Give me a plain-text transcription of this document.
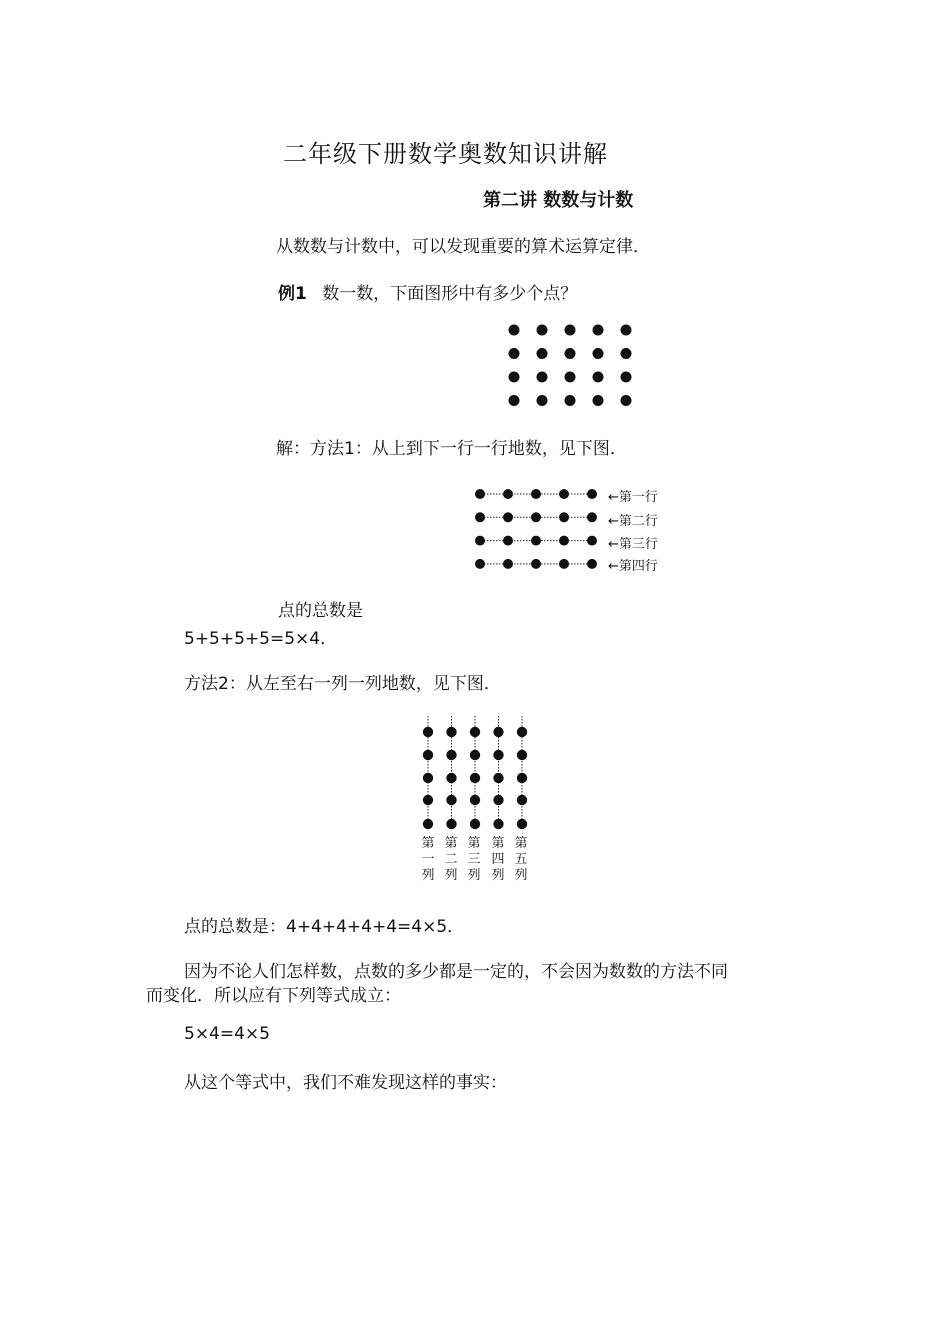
二年级下册数学奥数知识讲解
第二讲 数数与计数
从数数与计数中，可以发现重要的算术运算定律．
例1 数一数，下面图形中有多少个点？
解：方法1：从上到下一行一行地数，见下图．
←第一行
←第二行
←第三行
←第四行
点的总数是
5+5+5+5=5×4．
方法2：从左至右一列一列地数，见下图．
第一列
第二列
第三列
第四列
第五列
点的总数是：4+4+4+4+4=4×5．
因为不论人们怎样数，点数的多少都是一定的，不会因为数数的方法不同
而变化．所以应有下列等式成立：
5×4=4×5
从这个等式中，我们不难发现这样的事实：
